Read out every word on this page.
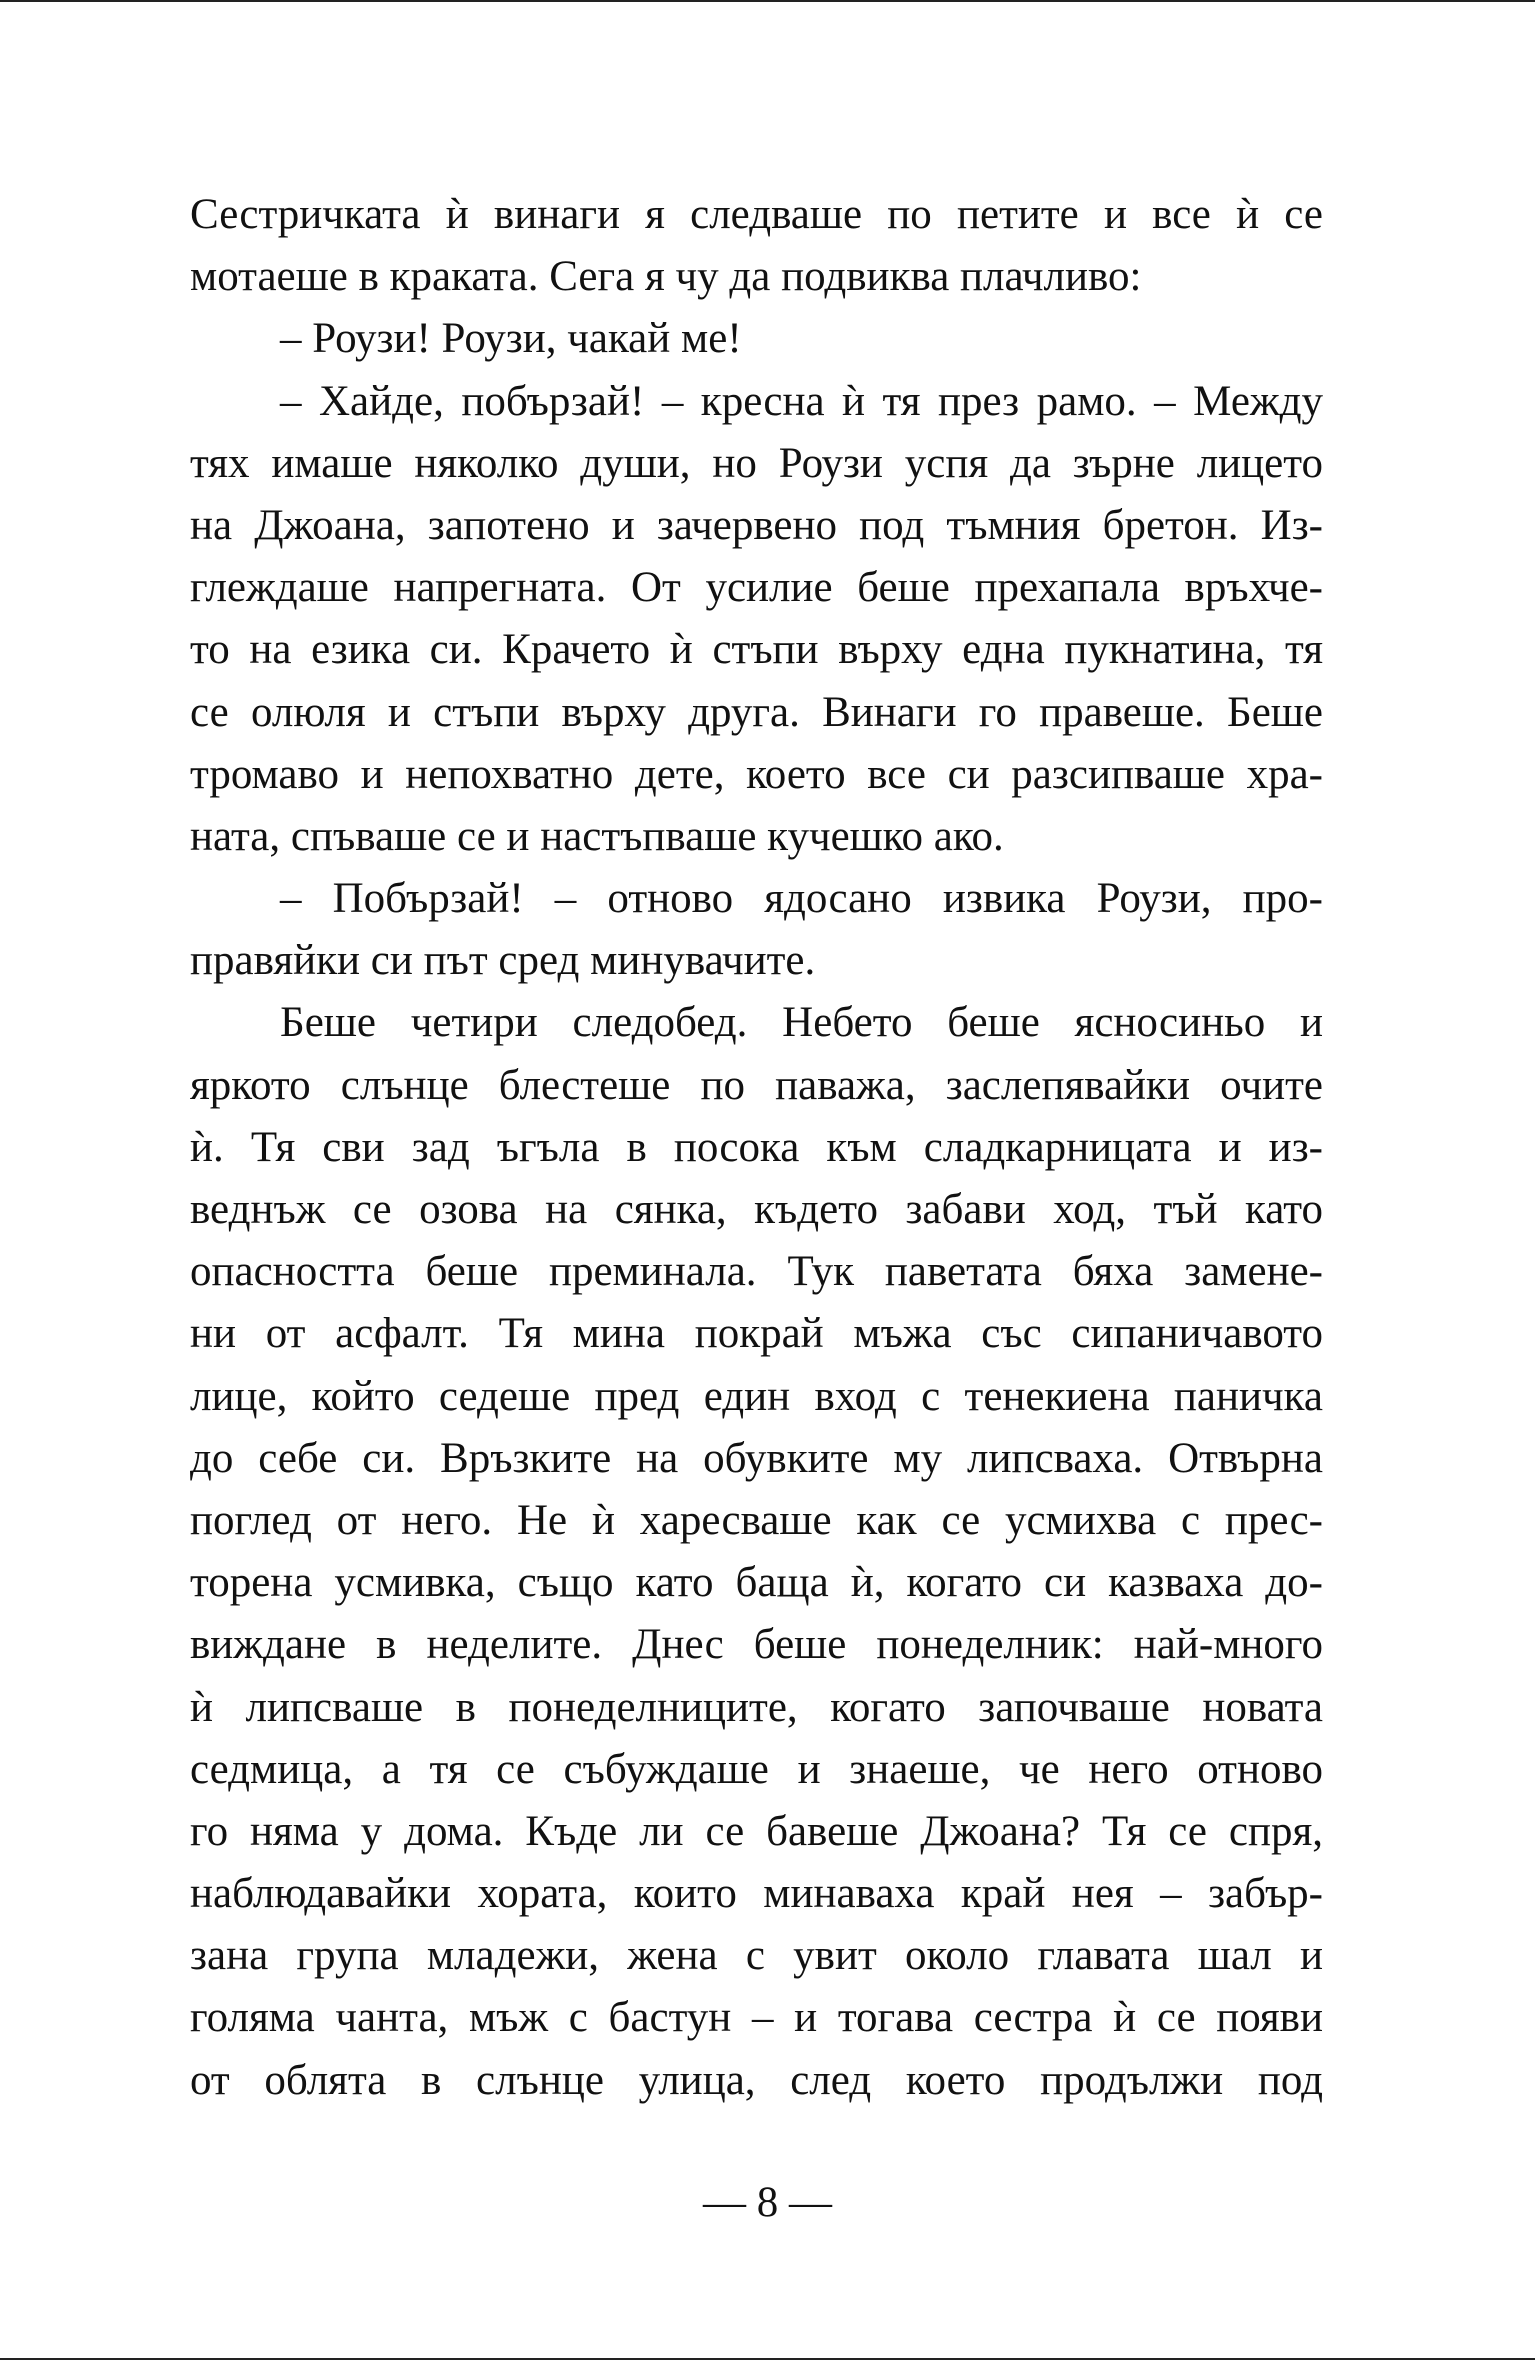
Сестричката ѝ винаги я следваше по петите и все ѝ се
мотаеше в краката. Сега я чу да подвиква плачливо:
– Роузи! Роузи, чакай ме!
– Хайде, побързай! – кресна ѝ тя през рамо. – Между
тях имаше няколко души, но Роузи успя да зърне лицето
на Джоана, запотено и зачервено под тъмния бретон. Из-
глеждаше напрегната. От усилие беше прехапала връхче-
то на езика си. Крачето ѝ стъпи върху една пукнатина, тя
се олюля и стъпи върху друга. Винаги го правеше. Беше
тромаво и непохватно дете, което все си разсипваше хра-
ната, спъваше се и настъпваше кучешко ако.
– Побързай! – отново ядосано извика Роузи, про-
правяйки си път сред минувачите.
Беше четири следобед. Небето беше ясносиньо и
яркото слънце блестеше по паважа, заслепявайки очите
ѝ. Тя сви зад ъгъла в посока към сладкарницата и из-
веднъж се озова на сянка, където забави ход, тъй като
опасността беше преминала. Тук паветата бяха замене-
ни от асфалт. Тя мина покрай мъжа със сипаничавото
лице, който седеше пред един вход с тенекиена паничка
до себе си. Връзките на обувките му липсваха. Отвърна
поглед от него. Не ѝ харесваше как се усмихва с прес-
торена усмивка, също като баща ѝ, когато си казваха до-
виждане в неделите. Днес беше понеделник: най-много
ѝ липсваше в понеделниците, когато започваше новата
седмица, а тя се събуждаше и знаеше, че него отново
го няма у дома. Къде ли се бавеше Джоана? Тя се спря,
наблюдавайки хората, които минаваха край нея – забър-
зана група младежи, жена с увит около главата шал и
голяма чанта, мъж с бастун – и тогава сестра ѝ се появи
от облята в слънце улица, след което продължи под
— 8 —
